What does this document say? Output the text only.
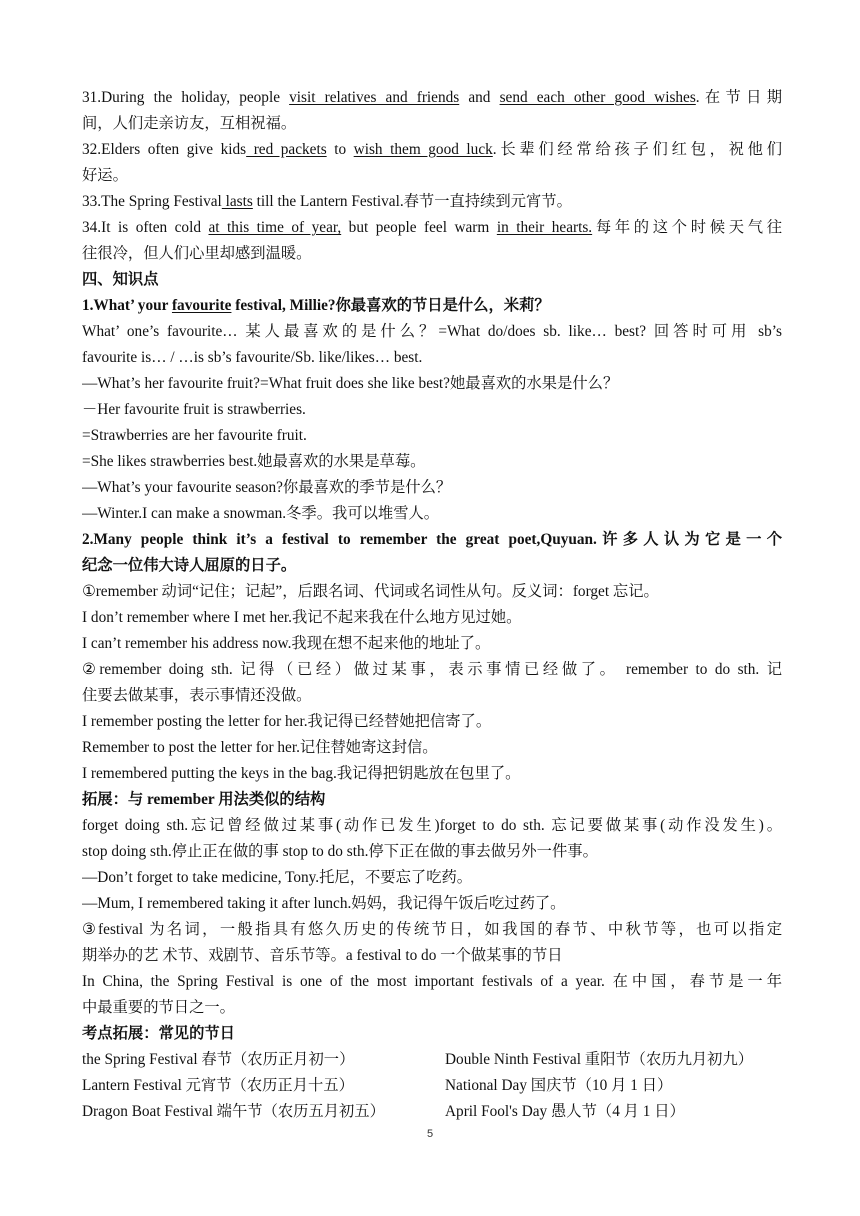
31.During the holiday, people visit relatives and friends and send each other good wishes.在节日期
间，人们走亲访友，互相祝福。
32.Elders often give kids red packets to wish them good luck.长辈们经常给孩子们红包，祝他们
好运。
33.The Spring Festival lasts till the Lantern Festival.春节一直持续到元宵节。
34.It is often cold at this time of year, but people feel warm in their hearts.每年的这个时候天气往
往很冷，但人们心里却感到温暖。
四、知识点
1.What’ your favourite festival, Millie?你最喜欢的节日是什么，米莉？
What’ one’s favourite… 某人最喜欢的是什么？=What do/does sb. like… best? 回答时可用 sb’s
favourite is… / …is sb’s favourite/Sb. like/likes… best.
—What’s her favourite fruit?=What fruit does she like best?她最喜欢的水果是什么？
－Her favourite fruit is strawberries.
=Strawberries are her favourite fruit.
=She likes strawberries best.她最喜欢的水果是草莓。
—What’s your favourite season?你最喜欢的季节是什么？
—Winter.I can make a snowman.冬季。我可以堆雪人。
2.Many people think it’s a festival to remember the great poet,Quyuan.许多人认为它是一个
纪念一位伟大诗人屈原的日子。
①remember 动词“记住；记起”，后跟名词、代词或名词性从句。反义词：forget 忘记。
I don’t remember where I met her.我记不起来我在什么地方见过她。
I can’t remember his address now.我现在想不起来他的地址了。
②remember doing sth. 记得（已经）做过某事，表示事情已经做了。 remember to do sth. 记
住要去做某事，表示事情还没做。
I remember posting the letter for her.我记得已经替她把信寄了。
Remember to post the letter for her.记住替她寄这封信。
I remembered putting the keys in the bag.我记得把钥匙放在包里了。
拓展：与 remember 用法类似的结构
forget doing sth.忘记曾经做过某事(动作已发生)forget to do sth. 忘记要做某事(动作没发生)。
stop doing sth.停止正在做的事 stop to do sth.停下正在做的事去做另外一件事。
—Don’t forget to take medicine, Tony.托尼，不要忘了吃药。
—Mum, I remembered taking it after lunch.妈妈，我记得午饭后吃过药了。
③festival 为名词，一般指具有悠久历史的传统节日，如我国的春节、中秋节等，也可以指定
期举办的艺 术节、戏剧节、音乐节等。a festival to do 一个做某事的节日
In China, the Spring Festival is one of the most important festivals of a year. 在中国，春节是一年
中最重要的节日之一。
考点拓展：常见的节日
the Spring Festival 春节（农历正月初一）	Double Ninth Festival 重阳节（农历九月初九）
Lantern Festival 元宵节（农历正月十五）	National Day 国庆节（10 月 1 日）
Dragon Boat Festival 端午节（农历五月初五）	April Fool's Day 愚人节（4 月 1 日）
5
